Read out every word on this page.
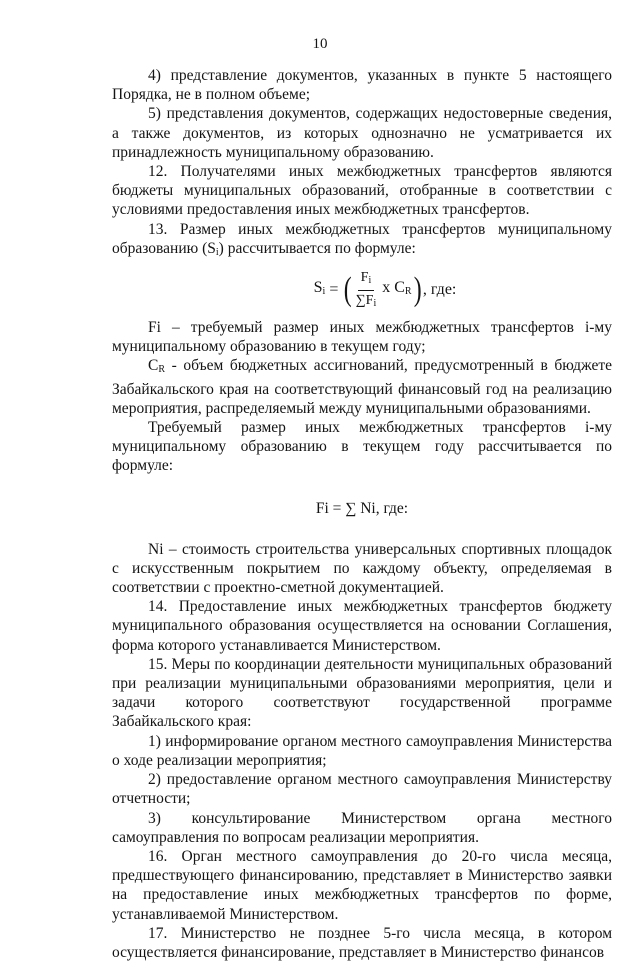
10

4) представление документов, указанных в пункте 5 настоящего Порядка, не в полном объеме;

5) представления документов, содержащих недостоверные сведения, а также документов, из которых однозначно не усматривается их принадлежность муниципальному образованию.

12. Получателями иных межбюджетных трансфертов являются бюджеты муниципальных образований, отобранные в соответствии с условиями предоставления иных межбюджетных трансфертов.

13. Размер иных межбюджетных трансфертов муниципальному образованию $(S_i)$ рассчитывается по формуле:

$S_i$ = ( $\frac{F_i}{\sum F_i}$ x $C_R$ ) , где:

Fi – требуемый размер иных межбюджетных трансфертов i-му муниципальному образованию в текущем году;

$C_R$ - объем бюджетных ассигнований, предусмотренный в бюджете Забайкальского края на соответствующий финансовый год на реализацию мероприятия, распределяемый между муниципальными образованиями.

Требуемый размер иных межбюджетных трансфертов i-му муниципальному образованию в текущем году рассчитывается по формуле:

Fi = ∑ Ni, где:

Ni – стоимость строительства универсальных спортивных площадок с искусственным покрытием по каждому объекту, определяемая в соответствии с проектно-сметной документацией.

14. Предоставление иных межбюджетных трансфертов бюджету муниципального образования осуществляется на основании Соглашения, форма которого устанавливается Министерством.

15. Меры по координации деятельности муниципальных образований при реализации муниципальными образованиями мероприятия, цели и задачи которого соответствуют государственной программе Забайкальского края:

1) информирование органом местного самоуправления Министерства о ходе реализации мероприятия;

2) предоставление органом местного самоуправления Министерству отчетности;

3) консультирование Министерством органа местного самоуправления по вопросам реализации мероприятия.

16. Орган местного самоуправления до 20-го числа месяца, предшествующего финансированию, представляет в Министерство заявки на предоставление иных межбюджетных трансфертов по форме, устанавливаемой Министерством.

17. Министерство не позднее 5-го числа месяца, в котором осуществляется финансирование, представляет в Министерство финансов
